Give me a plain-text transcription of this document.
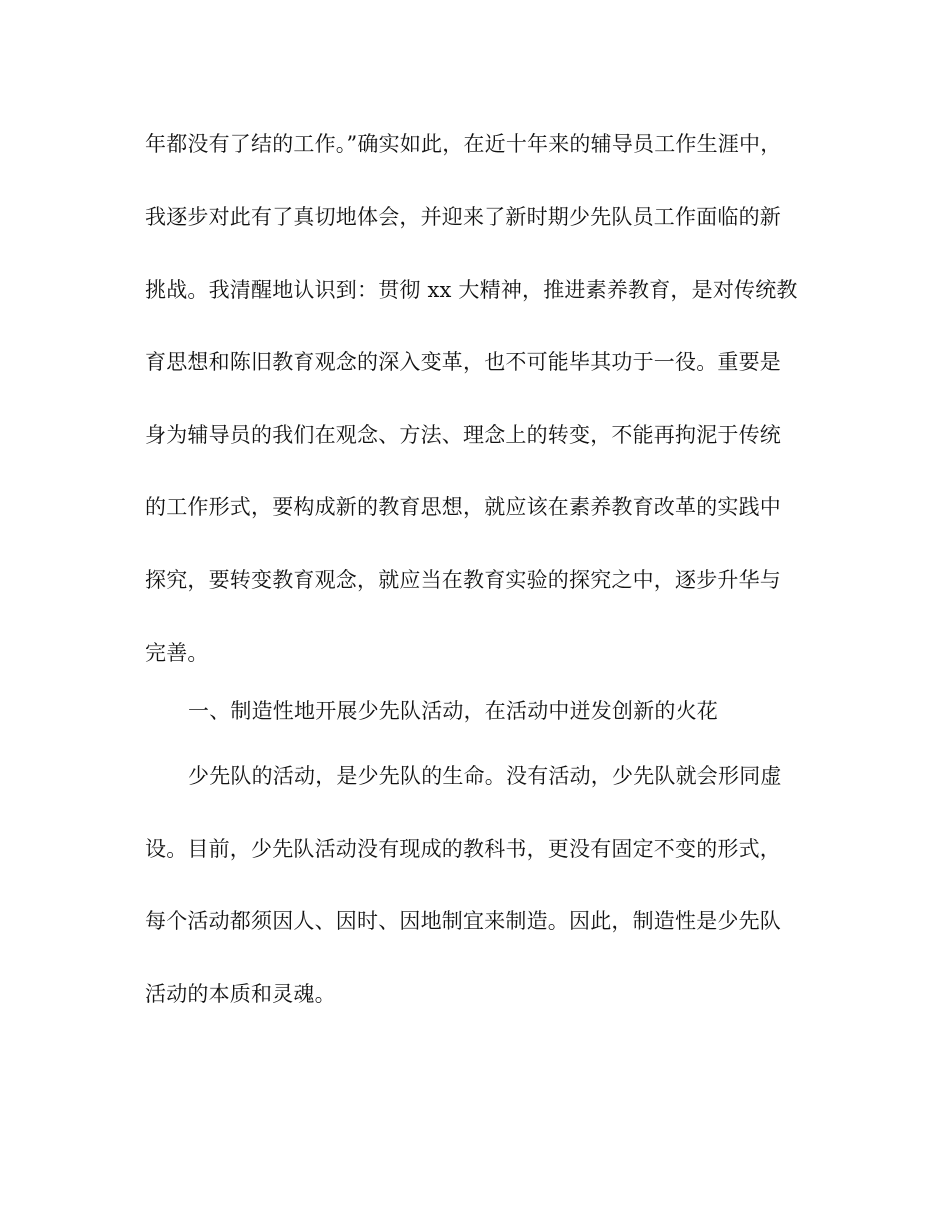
年都没有了结的工作。”确实如此，在近十年来的辅导员工作生涯中，
我逐步对此有了真切地体会，并迎来了新时期少先队员工作面临的新
挑战。我清醒地认识到：贯彻 xx 大精神，推进素养教育，是对传统教
育思想和陈旧教育观念的深入变革，也不可能毕其功于一役。重要是
身为辅导员的我们在观念、方法、理念上的转变，不能再拘泥于传统
的工作形式，要构成新的教育思想，就应该在素养教育改革的实践中
探究，要转变教育观念，就应当在教育实验的探究之中，逐步升华与
完善。
一、制造性地开展少先队活动，在活动中迸发创新的火花
少先队的活动，是少先队的生命。没有活动，少先队就会形同虚
设。目前，少先队活动没有现成的教科书，更没有固定不变的形式，
每个活动都须因人、因时、因地制宜来制造。因此，制造性是少先队
活动的本质和灵魂。
